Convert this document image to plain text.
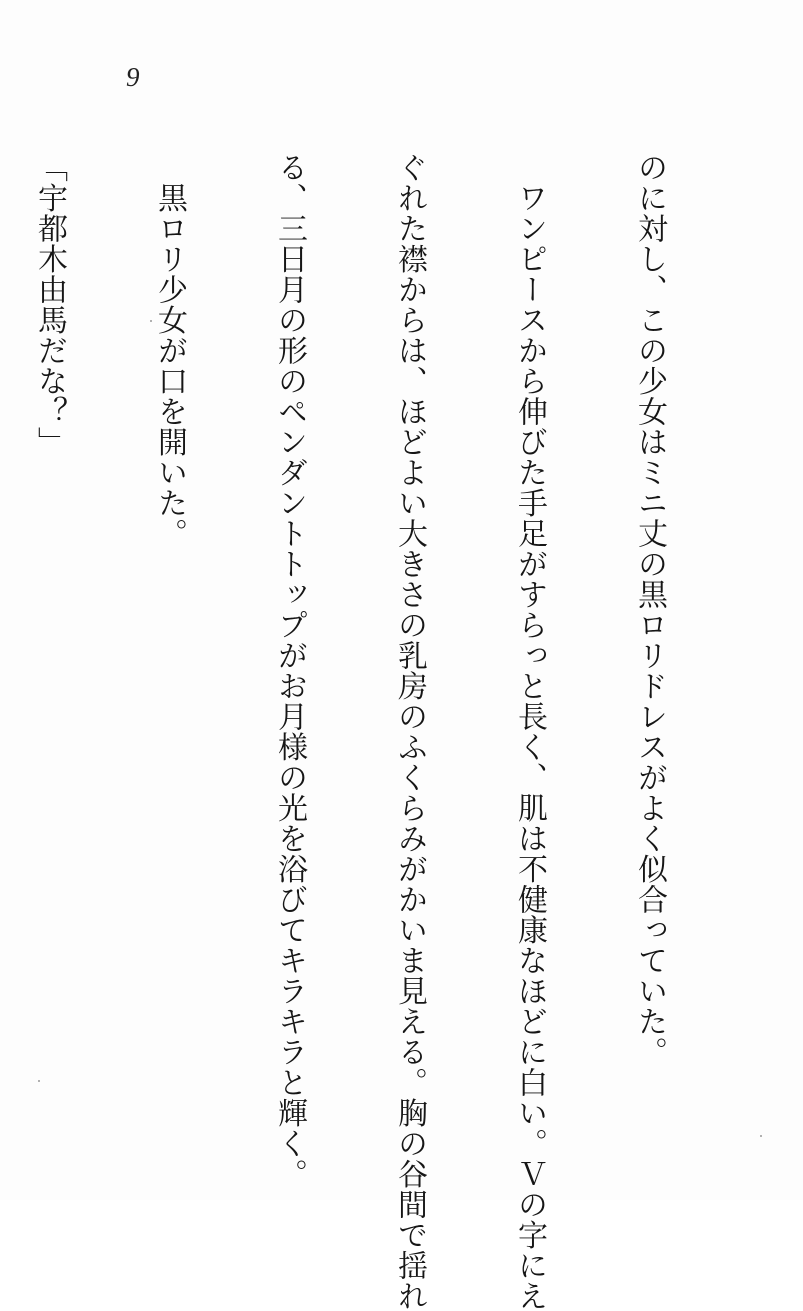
9

のに対し、この少女はミニ丈の黒ロリドレスがよく似合っていた。

　ワンピースから伸びた手足がすらっと長く、肌は不健康なほどに白い。Ｖの字にえ

ぐれた襟からは、ほどよい大きさの乳房のふくらみがかいま見える。胸の谷間で揺れ

る、三日月の形のペンダントトップがお月様の光を浴びてキラキラと輝く。

　黒ロリ少女が口を開いた。

「宇都木由馬だな？」
